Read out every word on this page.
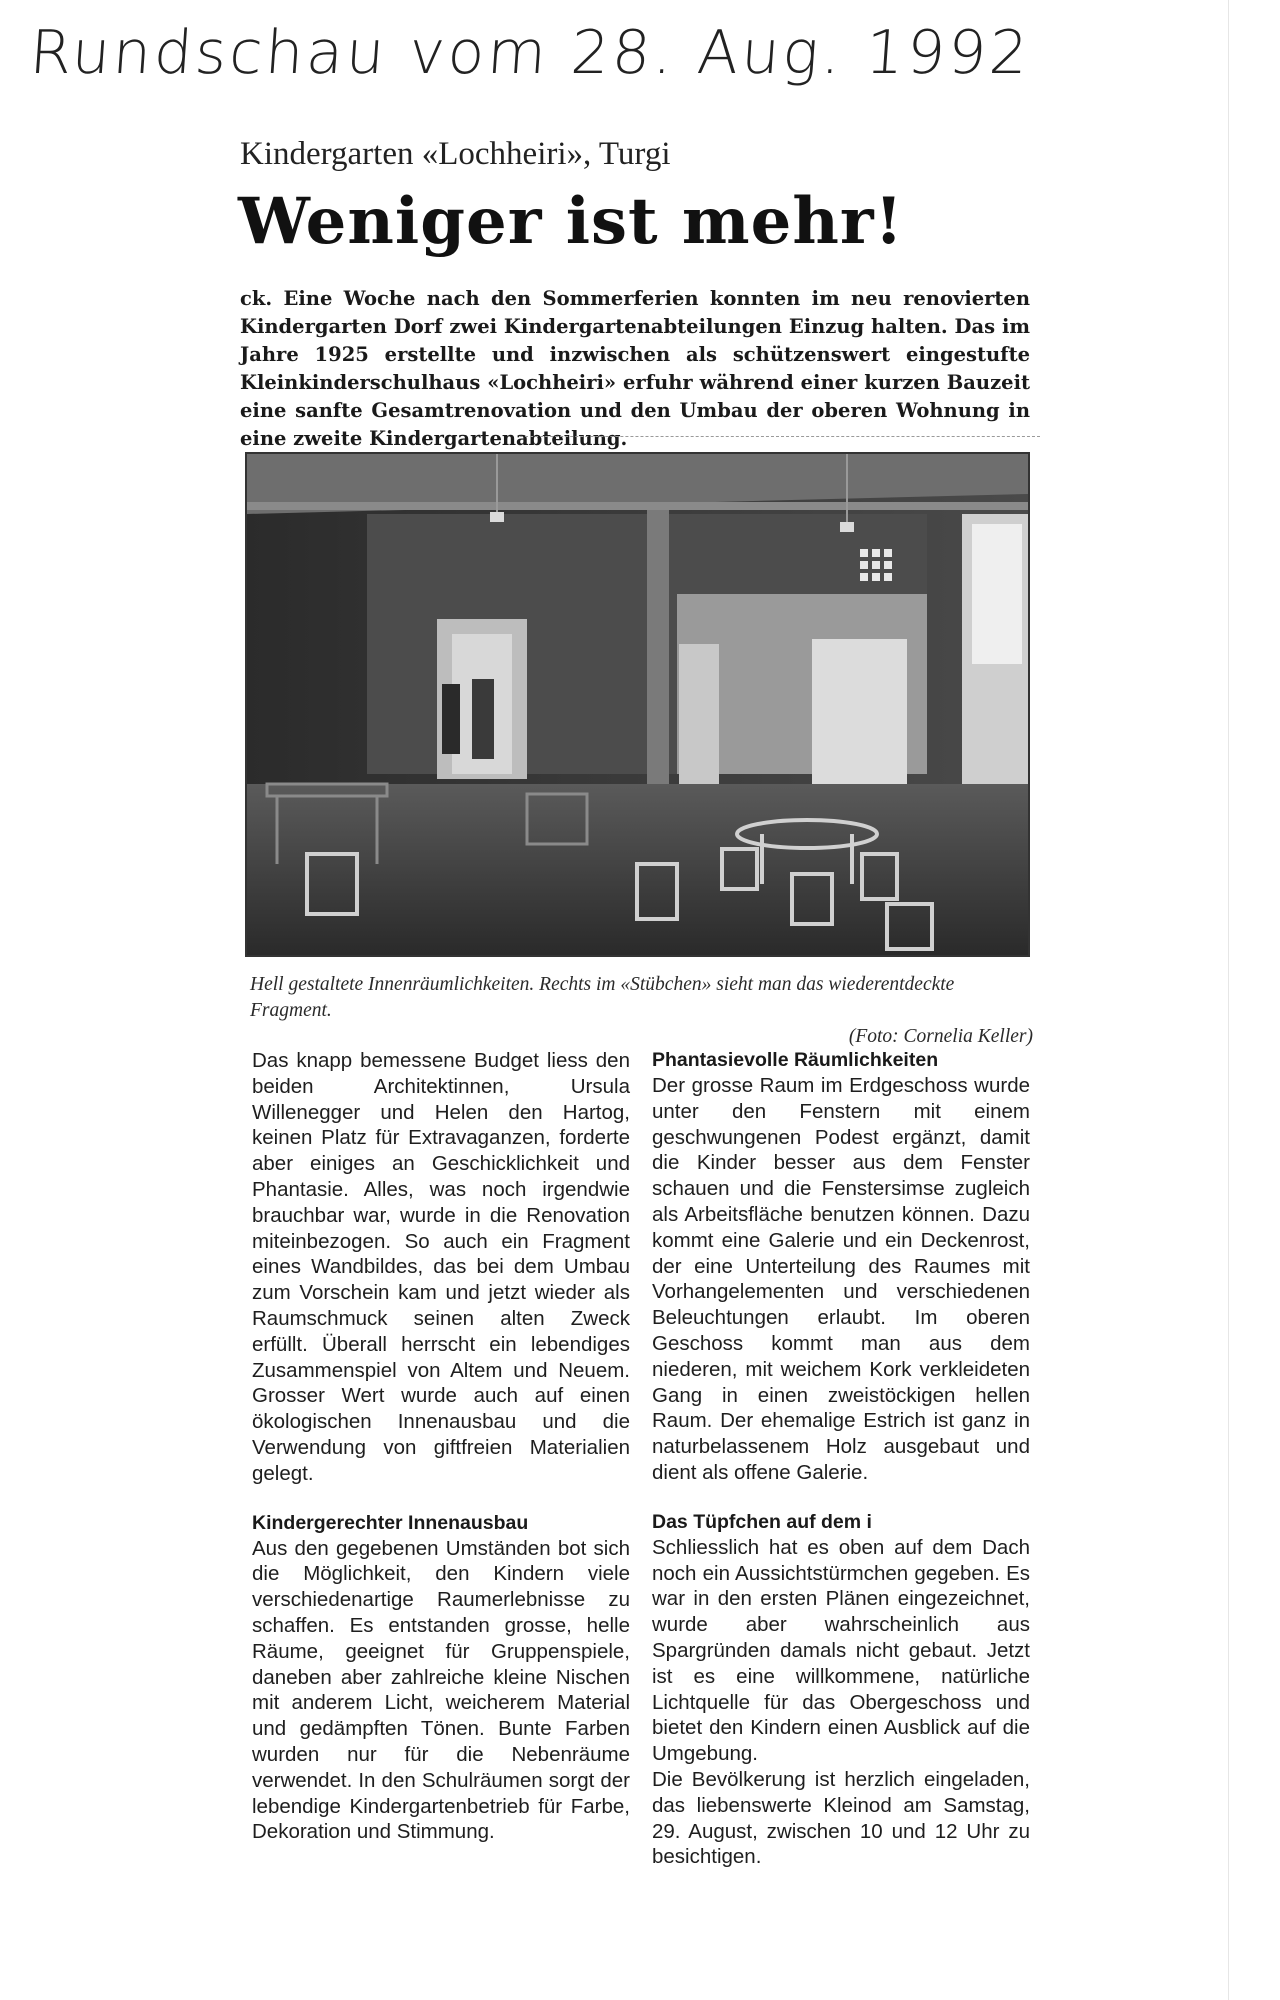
Rundschau vom 28. Aug. 1992
Kindergarten «Lochheiri», Turgi
Weniger ist mehr!
ck. Eine Woche nach den Sommerferien konnten im neu renovierten Kindergarten Dorf zwei Kindergartenabteilungen Einzug halten. Das im Jahre 1925 erstellte und inzwischen als schützenswert eingestufte Kleinkinderschulhaus «Lochheiri» erfuhr während einer kurzen Bauzeit eine sanfte Gesamtrenovation und den Umbau der oberen Wohnung in eine zweite Kindergartenabteilung.
Hell gestaltete Innenräumlichkeiten. Rechts im «Stübchen» sieht man das wiederentdeckte Fragment.

(Foto: Cornelia Keller)

Das knapp bemessene Budget liess den beiden Architektinnen, Ursula Willenegger und Helen den Hartog, keinen Platz für Extravaganzen, forderte aber einiges an Geschicklichkeit und Phantasie. Alles, was noch irgendwie brauchbar war, wurde in die Renovation miteinbezogen. So auch ein Fragment eines Wandbildes, das bei dem Umbau zum Vorschein kam und jetzt wieder als Raumschmuck seinen alten Zweck erfüllt. Überall herrscht ein lebendiges Zusammenspiel von Altem und Neuem. Grosser Wert wurde auch auf einen ökologischen Innenausbau und die Verwendung von giftfreien Materialien gelegt.

Kindergerechter Innenausbau

Aus den gegebenen Umständen bot sich die Möglichkeit, den Kindern viele verschiedenartige Raumerlebnisse zu schaffen. Es entstanden grosse, helle Räume, geeignet für Gruppenspiele, daneben aber zahlreiche kleine Nischen mit anderem Licht, weicherem Material und gedämpften Tönen. Bunte Farben wurden nur für die Nebenräume verwendet. In den Schulräumen sorgt der lebendige Kindergartenbetrieb für Farbe, Dekoration und Stimmung.

Phantasievolle Räumlichkeiten

Der grosse Raum im Erdgeschoss wurde unter den Fenstern mit einem geschwungenen Podest ergänzt, damit die Kinder besser aus dem Fenster schauen und die Fenstersimse zugleich als Arbeitsfläche benutzen können. Dazu kommt eine Galerie und ein Deckenrost, der eine Unterteilung des Raumes mit Vorhangelementen und verschiedenen Beleuchtungen erlaubt. Im oberen Geschoss kommt man aus dem niederen, mit weichem Kork verkleideten Gang in einen zweistöckigen hellen Raum. Der ehemalige Estrich ist ganz in naturbelassenem Holz ausgebaut und dient als offene Galerie.

Das Tüpfchen auf dem i

Schliesslich hat es oben auf dem Dach noch ein Aussichtstürmchen gegeben. Es war in den ersten Plänen eingezeichnet, wurde aber wahrscheinlich aus Spargründen damals nicht gebaut. Jetzt ist es eine willkommene, natürliche Lichtquelle für das Obergeschoss und bietet den Kindern einen Ausblick auf die Umgebung.

Die Bevölkerung ist herzlich eingeladen, das liebenswerte Kleinod am Samstag, 29. August, zwischen 10 und 12 Uhr zu besichtigen.
